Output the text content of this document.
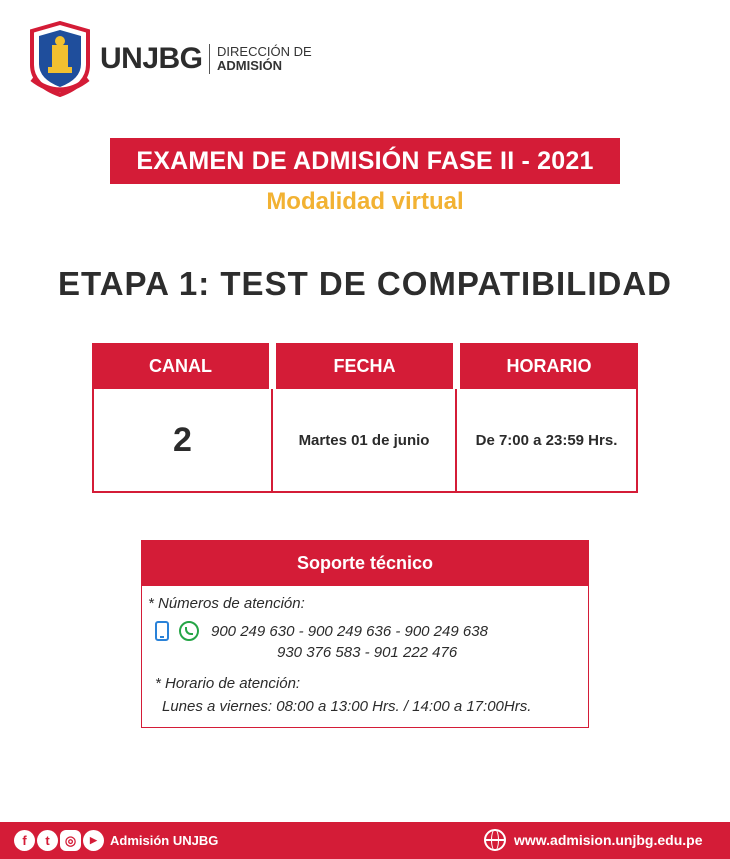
UNJBG DIRECCIÓN DE
ADMISIÓN
EXAMEN DE ADMISIÓN FASE II - 2021
Modalidad virtual
ETAPA 1: TEST DE COMPATIBILIDAD
CANAL	FECHA	HORARIO
2	Martes 01 de junio	De 7:00 a 23:59 Hrs.
Soporte técnico
* Números de atención:
900 249 630 - 900 249 636 - 900 249 638
930 376 583 - 901 222 476
* Horario de atención:
Lunes a viernes: 08:00 a 13:00 Hrs. / 14:00 a 17:00Hrs.
f	t	◎	▶	Admisión UNJBG	www.admision.unjbg.edu.pe
